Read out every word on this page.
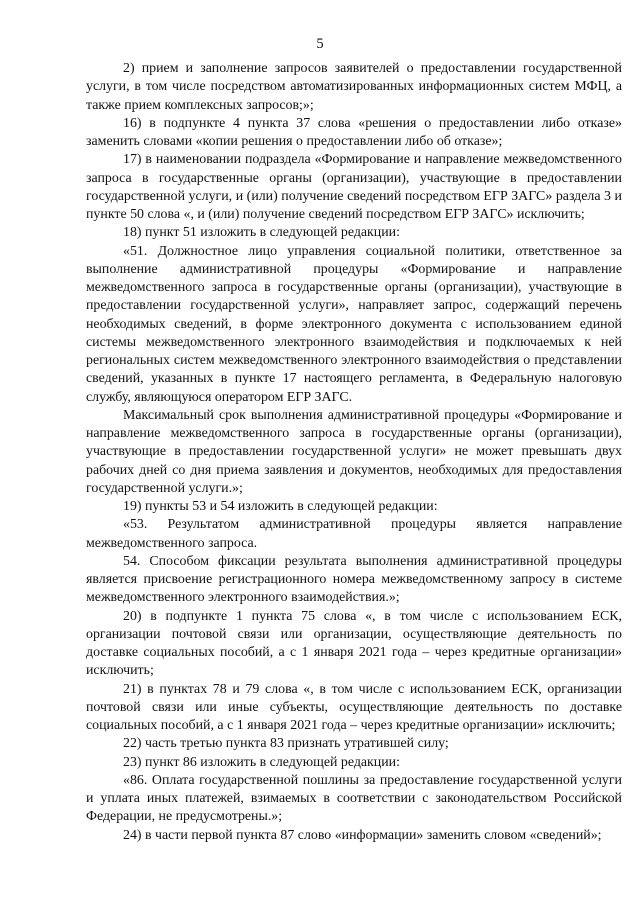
5

2) прием и заполнение запросов заявителей о предоставлении государственной услуги, в том числе посредством автоматизированных информационных систем МФЦ, а также прием комплексных запросов;»;

16) в подпункте 4 пункта 37 слова «решения о предоставлении либо отказе» заменить словами «копии решения о предоставлении либо об отказе»;

17) в наименовании подраздела «Формирование и направление межведомственного запроса в государственные органы (организации), участвующие в предоставлении государственной услуги, и (или) получение сведений посредством ЕГР ЗАГС» раздела 3 и пункте 50 слова «, и (или) получение сведений посредством ЕГР ЗАГС» исключить;

18) пункт 51 изложить в следующей редакции:

«51. Должностное лицо управления социальной политики, ответственное за выполнение административной процедуры «Формирование и направление межведомственного запроса в государственные органы (организации), участвующие в предоставлении государственной услуги», направляет запрос, содержащий перечень необходимых сведений, в форме электронного документа с использованием единой системы межведомственного электронного взаимодействия и подключаемых к ней региональных систем межведомственного электронного взаимодействия о представлении сведений, указанных в пункте 17 настоящего регламента, в Федеральную налоговую службу, являющуюся оператором ЕГР ЗАГС.

Максимальный срок выполнения административной процедуры «Формирование и направление межведомственного запроса в государственные органы (организации), участвующие в предоставлении государственной услуги» не может превышать двух рабочих дней со дня приема заявления и документов, необходимых для предоставления государственной услуги.»;

19) пункты 53 и 54 изложить в следующей редакции:

«53. Результатом административной процедуры является направление межведомственного запроса.

54. Способом фиксации результата выполнения административной процедуры является присвоение регистрационного номера межведомственному запросу в системе межведомственного электронного взаимодействия.»;

20) в подпункте 1 пункта 75 слова «, в том числе с использованием ЕСК, организации почтовой связи или организации, осуществляющие деятельность по доставке социальных пособий, а с 1 января 2021 года – через кредитные организации» исключить;

21) в пунктах 78 и 79 слова «, в том числе с использованием ЕСК, организации почтовой связи или иные субъекты, осуществляющие деятельность по доставке социальных пособий, а с 1 января 2021 года – через кредитные организации» исключить;

22) часть третью пункта 83 признать утратившей силу;

23) пункт 86 изложить в следующей редакции:

«86. Оплата государственной пошлины за предоставление государственной услуги и уплата иных платежей, взимаемых в соответствии с законодательством Российской Федерации, не предусмотрены.»;

24) в части первой пункта 87 слово «информации» заменить словом «сведений»;
